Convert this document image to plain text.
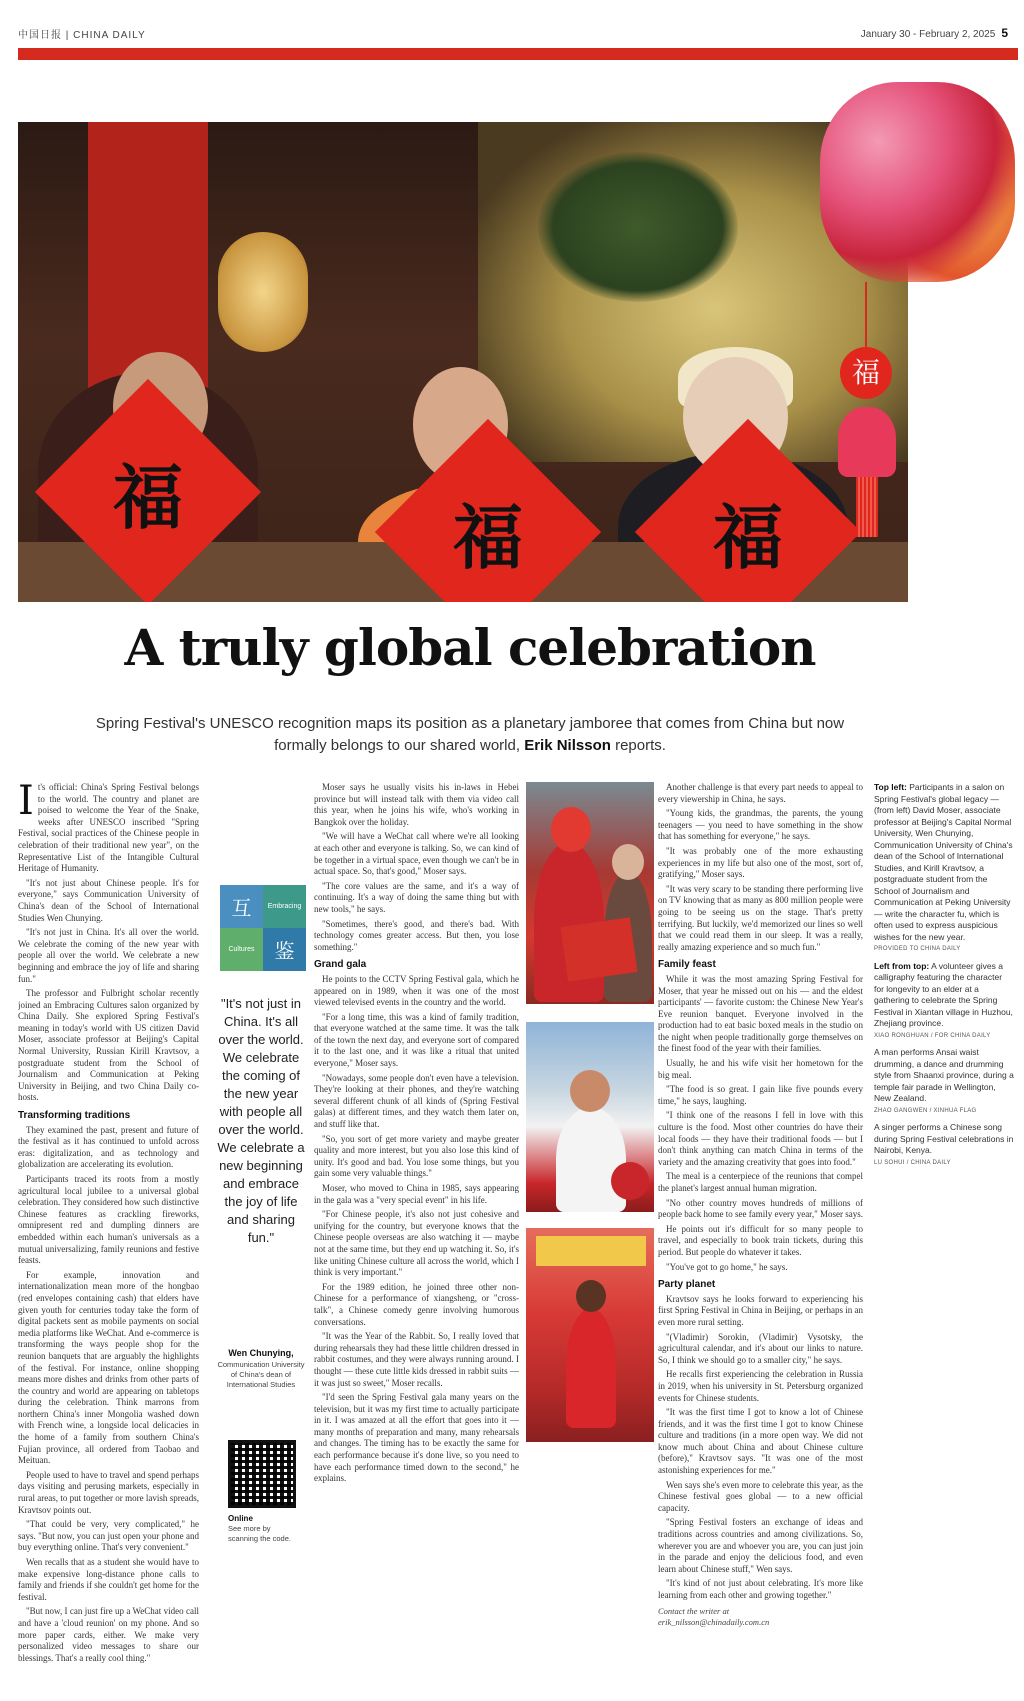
中国日报 | CHINA DAILY	January 30 - February 2, 2025 5
福	福	福
福
A truly global celebration
Spring Festival's UNESCO recognition maps its position as a planetary jamboree that comes from China but now formally belongs to our shared world, Erik Nilsson reports.

It's official: China's Spring Festival belongs to the world. The country and planet are poised to welcome the Year of the Snake, weeks after UNESCO inscribed "Spring Festival, social practices of the Chinese people in celebration of their traditional new year", on the Representative List of the Intangible Cultural Heritage of Humanity.

"It's not just about Chinese people. It's for everyone," says Communication University of China's dean of the School of International Studies Wen Chunying.

"It's not just in China. It's all over the world. We celebrate the coming of the new year with people all over the world. We celebrate a new beginning and embrace the joy of life and sharing fun."

The professor and Fulbright scholar recently joined an Embracing Cultures salon organized by China Daily. She explored Spring Festival's meaning in today's world with US citizen David Moser, associate professor at Beijing's Capital Normal University, Russian Kirill Kravtsov, a postgraduate student from the School of Journalism and Communication at Peking University in Beijing, and two China Daily co-hosts.

Transforming traditions

They examined the past, present and future of the festival as it has continued to unfold across eras: digitalization, and as technology and globalization are accelerating its evolution.

Participants traced its roots from a mostly agricultural local jubilee to a universal global celebration. They considered how such distinctive Chinese features as crackling fireworks, omnipresent red and dumpling dinners are embedded within each human's universals as a mutual universalizing, family reunions and festive feasts.

For example, innovation and internationalization mean more of the hongbao (red envelopes containing cash) that elders have given youth for centuries today take the form of digital packets sent as mobile payments on social media platforms like WeChat. And e-commerce is transforming the ways people shop for the reunion banquets that are arguably the highlights of the festival. For instance, online shopping means more dishes and drinks from other parts of the country and world are appearing on tabletops during the celebration. Think marrons from northern China's inner Mongolia washed down with French wine, a longside local delicacies in the home of a family from southern China's Fujian province, all ordered from Taobao and Meituan.

People used to have to travel and spend perhaps days visiting and perusing markets, especially in rural areas, to put together or more lavish spreads, Kravtsov points out.

"That could be very, very complicated," he says. "But now, you can just open your phone and buy everything online. That's very convenient."

Wen recalls that as a student she would have to make expensive long-distance phone calls to family and friends if she couldn't get home for the festival.

"But now, I can just fire up a WeChat video call and have a 'cloud reunion' on my phone. And so more paper cards, either. We make very personalized video messages to share our blessings. That's a really cool thing."

互	Embracing
Cultures 鉴
"It's not just in China. It's all over the world. We celebrate the coming of the new year with people all over the world. We celebrate a new beginning and embrace the joy of life and sharing fun."
Wen Chunying,
Communication University of China's dean of International Studies
Online
See more by scanning the code.

Moser says he usually visits his in-laws in Hebei province but will instead talk with them via video call this year, when he joins his wife, who's working in Bangkok over the holiday.

"We will have a WeChat call where we're all looking at each other and everyone is talking. So, we can kind of be together in a virtual space, even though we can't be in actual space. So, that's good," Moser says.

"The core values are the same, and it's a way of continuing. It's a way of doing the same thing but with new tools," he says.

"Sometimes, there's good, and there's bad. With technology comes greater access. But then, you lose something."

Grand gala

He points to the CCTV Spring Festival gala, which he appeared on in 1989, when it was one of the most viewed televised events in the country and the world.

"For a long time, this was a kind of family tradition, that everyone watched at the same time. It was the talk of the town the next day, and everyone sort of compared it to the last one, and it was like a ritual that united everyone," Moser says.

"Nowadays, some people don't even have a television. They're looking at their phones, and they're watching several different chunk of all kinds of (Spring Festival galas) at different times, and they watch them later on, and stuff like that.

"So, you sort of get more variety and maybe greater quality and more interest, but you also lose this kind of unity. It's good and bad. You lose some things, but you gain some very valuable things."

Moser, who moved to China in 1985, says appearing in the gala was a "very special event" in his life.

"For Chinese people, it's also not just cohesive and unifying for the country, but everyone knows that the Chinese people overseas are also watching it — maybe not at the same time, but they end up watching it. So, it's like uniting Chinese culture all across the world, which I think is very important."

For the 1989 edition, he joined three other non-Chinese for a performance of xiangsheng, or "cross-talk", a Chinese comedy genre involving humorous conversations.

"It was the Year of the Rabbit. So, I really loved that during rehearsals they had these little children dressed in rabbit costumes, and they were always running around. I thought — these cute little kids dressed in rabbit suits — it was just so sweet," Moser recalls.

"I'd seen the Spring Festival gala many years on the television, but it was my first time to actually participate in it. I was amazed at all the effort that goes into it — many months of preparation and many, many rehearsals and changes. The timing has to be exactly the same for each performance because it's done live, so you need to have each performance timed down to the second," he explains.

Another challenge is that every part needs to appeal to every viewership in China, he says.

"Young kids, the grandmas, the parents, the young teenagers — you need to have something in the show that has something for everyone," he says.

"It was probably one of the more exhausting experiences in my life but also one of the most, sort of, gratifying," Moser says.

"It was very scary to be standing there performing live on TV knowing that as many as 800 million people were going to be seeing us on the stage. That's pretty terrifying. But luckily, we'd memorized our lines so well that we could read them in our sleep. It was a really, really amazing experience and so much fun."

Family feast

While it was the most amazing Spring Festival for Moser, that year he missed out on his — and the eldest participants' — favorite custom: the Chinese New Year's Eve reunion banquet. Everyone involved in the production had to eat basic boxed meals in the studio on the night when people traditionally gorge themselves on the finest food of the year with their families.

Usually, he and his wife visit her hometown for the big meal.

"The food is so great. I gain like five pounds every time," he says, laughing.

"I think one of the reasons I fell in love with this culture is the food. Most other countries do have their local foods — they have their traditional foods — but I don't think anything can match China in terms of the variety and the amazing creativity that goes into food."

The meal is a centerpiece of the reunions that compel the planet's largest annual human migration.

"No other country moves hundreds of millions of people back home to see family every year," Moser says.

He points out it's difficult for so many people to travel, and especially to book train tickets, during this period. But people do whatever it takes.

"You've got to go home," he says.

Party planet

Kravtsov says he looks forward to experiencing his first Spring Festival in China in Beijing, or perhaps in an even more rural setting.

"(Vladimir) Sorokin, (Vladimir) Vysotsky, the agricultural calendar, and it's about our links to nature. So, I think we should go to a smaller city," he says.

He recalls first experiencing the celebration in Russia in 2019, when his university in St. Petersburg organized events for Chinese students.

"It was the first time I got to know a lot of Chinese friends, and it was the first time I got to know Chinese culture and traditions (in a more open way. We did not know much about China and about Chinese culture (before)," Kravtsov says. "It was one of the most astonishing experiences for me."

Wen says she's even more to celebrate this year, as the Chinese festival goes global — to a new official capacity.

"Spring Festival fosters an exchange of ideas and traditions across countries and among civilizations. So, wherever you are and whoever you are, you can just join in the parade and enjoy the delicious food, and even learn about Chinese stuff," Wen says.

"It's kind of not just about celebrating. It's more like learning from each other and growing together."

Contact the writer at
erik_nilsson@chinadaily.com.cn
Top left: Participants in a salon on Spring Festival's global legacy — (from left) David Moser, associate professor at Beijing's Capital Normal University, Wen Chunying, Communication University of China's dean of the School of International Studies, and Kirill Kravtsov, a postgraduate student from the School of Journalism and Communication at Peking University — write the character fu, which is often used to express auspicious wishes for the new year.
PROVIDED TO CHINA DAILY
Left from top: A volunteer gives a calligraphy featuring the character for longevity to an elder at a gathering to celebrate the Spring Festival in Xiantan village in Huzhou, Zhejiang province.
XIAO RONGHUAN / FOR CHINA DAILY
A man performs Ansai waist drumming, a dance and drumming style from Shaanxi province, during a temple fair parade in Wellington, New Zealand.
ZHAO GANGWEN / XINHUA FLAG
A singer performs a Chinese song during Spring Festival celebrations in Nairobi, Kenya.
LU SOHUI / CHINA DAILY
